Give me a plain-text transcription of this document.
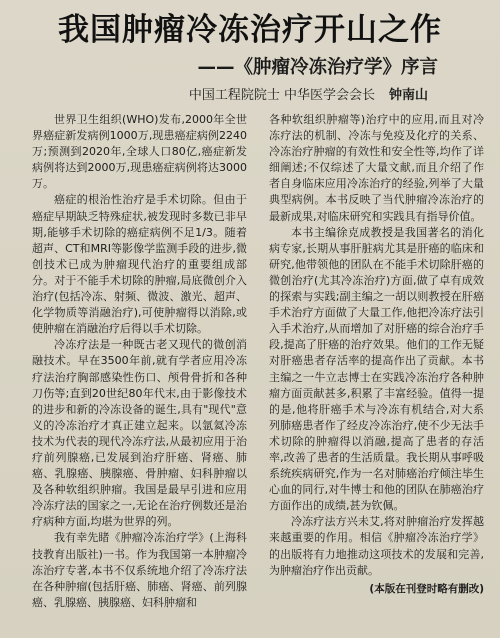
我国肿瘤冷冻治疗开山之作
——《肿瘤冷冻治疗学》序言
中国工程院院士 中华医学会会长 钟南山

世界卫生组织(WHO)发布,2000年全世界癌症新发病例1000万,现患癌症病例2240万;预测到2020年,全球人口80亿,癌症新发病例将达到2000万,现患癌症病例将达3000万。

癌症的根治性治疗是手术切除。但由于癌症早期缺乏特殊症状,被发现时多数已非早期,能够手术切除的癌症病例不足1/3。随着超声、CT和MRI等影像学监测手段的进步,微创技术已成为肿瘤现代治疗的重要组成部分。对于不能手术切除的肿瘤,局底微创介入治疗(包括冷冻、射频、微波、激光、超声、化学物质等消融治疗),可使肿瘤得以消除,或使肿瘤在消融治疗后得以手术切除。

冷冻疗法是一种既古老又现代的微创消融技术。早在3500年前,就有学者应用冷冻疗法治疗胸部感染性伤口、颅骨骨折和各种刀伤等;直到20世纪80年代末,由于影像技术的进步和新的冷冻设备的诞生,具有"现代"意义的冷冻治疗才真正建立起来。以氩氦冷冻技术为代表的现代冷冻疗法,从最初应用于治疗前列腺癌,已发展到治疗肝癌、肾癌、肺癌、乳腺癌、胰腺癌、骨肿瘤、妇科肿瘤以及各种软组织肿瘤。我国是最早引进和应用冷冻疗法的国家之一,无论在治疗例数还是治疗病种方面,均堪为世界的列。

我有幸先睹《肿瘤冷冻治疗学》(上海科技教育出版社)一书。作为我国第一本肿瘤冷冻治疗专著,本书不仅系统地介绍了冷冻疗法在各种肿瘤(包括肝癌、肺癌、肾癌、前列腺癌、乳腺癌、胰腺癌、妇科肿瘤和

各种软组织肿瘤等)治疗中的应用,而且对冷冻疗法的机制、冷冻与免疫及化疗的关系、冷冻治疗肿瘤的有效性和安全性等,均作了详细阐述;不仅综述了大量文献,而且介绍了作者自身临床应用冷冻治疗的经验,列举了大量典型病例。本书反映了当代肿瘤冷冻治疗的最新成果,对临床研究和实践具有指导价值。

本书主编徐克成教授是我国著名的消化病专家,长期从事肝脏病尤其是肝癌的临床和研究,他带领他的团队在不能手术切除肝癌的微创治疗(尤其冷冻治疗)方面,做了卓有成效的探索与实践;副主编之一胡以则教授在肝癌手术治疗方面做了大量工作,他把冷冻疗法引入手术治疗,从而增加了对肝癌的综合治疗手段,提高了肝癌的治疗效果。他们的工作无疑对肝癌患者存活率的提高作出了贡献。本书主编之一牛立志博士在实践冷冻治疗各种肿瘤方面贡献甚多,积累了丰富经验。值得一提的是,他将肝癌手术与冷冻有机结合,对大系列肺癌患者作了经皮冷冻治疗,使不少无法手术切除的肿瘤得以消融,提高了患者的存活率,改善了患者的生活质量。我长期从事呼吸系统疾病研究,作为一名对肺癌治疗倾注毕生心血的同行,对牛博士和他的团队在肺癌治疗方面作出的成绩,甚为钦佩。

冷冻疗法方兴未艾,将对肿瘤治疗发挥越来越重要的作用。相信《肿瘤冷冻治疗学》的出版将有力地推动这项技术的发展和完善,为肿瘤治疗作出贡献。

(本版在刊登时略有删改)
